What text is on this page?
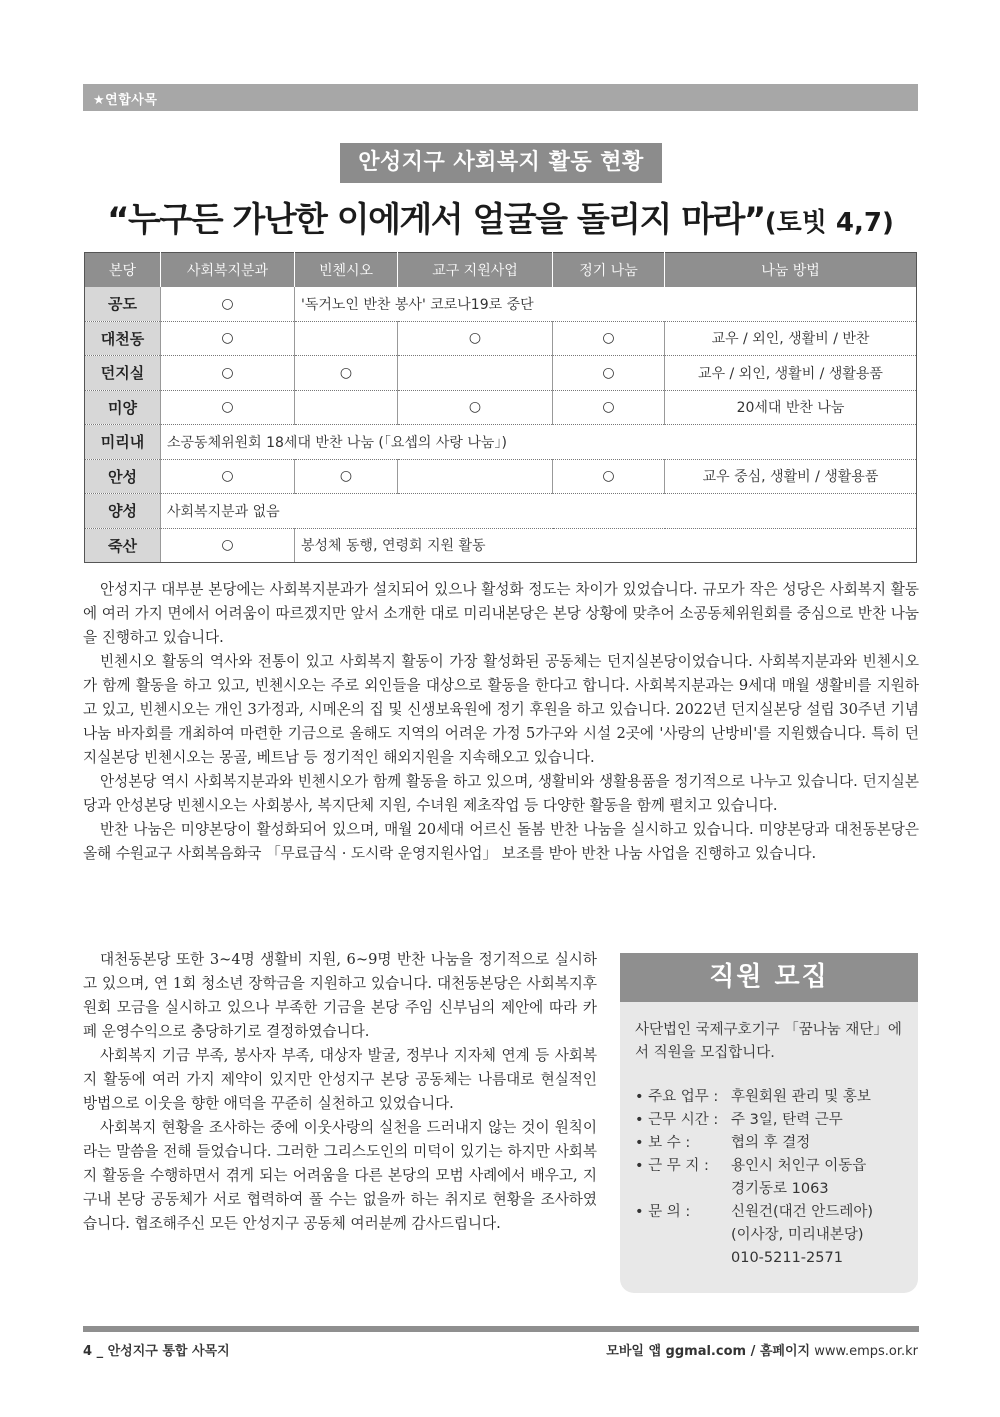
★연합사목
안성지구 사회복지 활동 현황
“누구든 가난한 이에게서 얼굴을 돌리지 마라”(토빗 4,7)
본당	사회복지분과	빈첸시오	교구 지원사업	정기 나눔	나눔 방법
공도	○	'독거노인 반찬 봉사' 코로나19로 중단			
대천동	○		○	○	교우 / 외인, 생활비 / 반찬
던지실	○	○		○	교우 / 외인, 생활비 / 생활용품
미양	○		○	○	20세대 반찬 나눔
미리내	소공동체위원회 18세대 반찬 나눔 (「요셉의 사랑 나눔」)				
안성	○	○		○	교우 중심, 생활비 / 생활용품
양성	사회복지분과 없음				
죽산	○	봉성체 동행, 연령회 지원 활동			

안성지구 대부분 본당에는 사회복지분과가 설치되어 있으나 활성화 정도는 차이가 있었습니다. 규모가 작은 성당은 사회복지 활동에 여러 가지 면에서 어려움이 따르겠지만 앞서 소개한 대로 미리내본당은 본당 상황에 맞추어 소공동체위원회를 중심으로 반찬 나눔을 진행하고 있습니다.

빈첸시오 활동의 역사와 전통이 있고 사회복지 활동이 가장 활성화된 공동체는 던지실본당이었습니다. 사회복지분과와 빈첸시오가 함께 활동을 하고 있고, 빈첸시오는 주로 외인들을 대상으로 활동을 한다고 합니다. 사회복지분과는 9세대 매월 생활비를 지원하고 있고, 빈첸시오는 개인 3가정과, 시메온의 집 및 신생보육원에 정기 후원을 하고 있습니다. 2022년 던지실본당 설립 30주년 기념 나눔 바자회를 개최하여 마련한 기금으로 올해도 지역의 어려운 가정 5가구와 시설 2곳에 '사랑의 난방비'를 지원했습니다. 특히 던지실본당 빈첸시오는 몽골, 베트남 등 정기적인 해외지원을 지속해오고 있습니다.

안성본당 역시 사회복지분과와 빈첸시오가 함께 활동을 하고 있으며, 생활비와 생활용품을 정기적으로 나누고 있습니다. 던지실본당과 안성본당 빈첸시오는 사회봉사, 복지단체 지원, 수녀원 제초작업 등 다양한 활동을 함께 펼치고 있습니다.

반찬 나눔은 미양본당이 활성화되어 있으며, 매월 20세대 어르신 돌봄 반찬 나눔을 실시하고 있습니다. 미양본당과 대천동본당은 올해 수원교구 사회복음화국 「무료급식 · 도시락 운영지원사업」 보조를 받아 반찬 나눔 사업을 진행하고 있습니다.

대천동본당 또한 3~4명 생활비 지원, 6~9명 반찬 나눔을 정기적으로 실시하고 있으며, 연 1회 청소년 장학금을 지원하고 있습니다. 대천동본당은 사회복지후원회 모금을 실시하고 있으나 부족한 기금을 본당 주임 신부님의 제안에 따라 카페 운영수익으로 충당하기로 결정하였습니다.

사회복지 기금 부족, 봉사자 부족, 대상자 발굴, 정부나 지자체 연계 등 사회복지 활동에 여러 가지 제약이 있지만 안성지구 본당 공동체는 나름대로 현실적인 방법으로 이웃을 향한 애덕을 꾸준히 실천하고 있었습니다.

사회복지 현황을 조사하는 중에 이웃사랑의 실천을 드러내지 않는 것이 원칙이라는 말씀을 전해 들었습니다. 그러한 그리스도인의 미덕이 있기는 하지만 사회복지 활동을 수행하면서 겪게 되는 어려움을 다른 본당의 모범 사례에서 배우고, 지구내 본당 공동체가 서로 협력하여 풀 수는 없을까 하는 취지로 현황을 조사하였습니다. 협조해주신 모든 안성지구 공동체 여러분께 감사드립니다.

직원 모집
사단법인 국제구호기구 「꿈나눔 재단」에서 직원을 모집합니다.
• 주요 업무 : 후원회원 관리 및 홍보
• 근무 시간 : 주 3일, 탄력 근무
• 보 수 :	협의 후 결정
• 근 무 지 :	용인시 처인구 이동읍
경기동로 1063
• 문 의 :	신원건(대건 안드레아)
(이사장, 미리내본당)
010-5211-2571
4 _ 안성지구 통합 사목지	모바일 앱 ggmal.com / 홈페이지 www.emps.or.kr
